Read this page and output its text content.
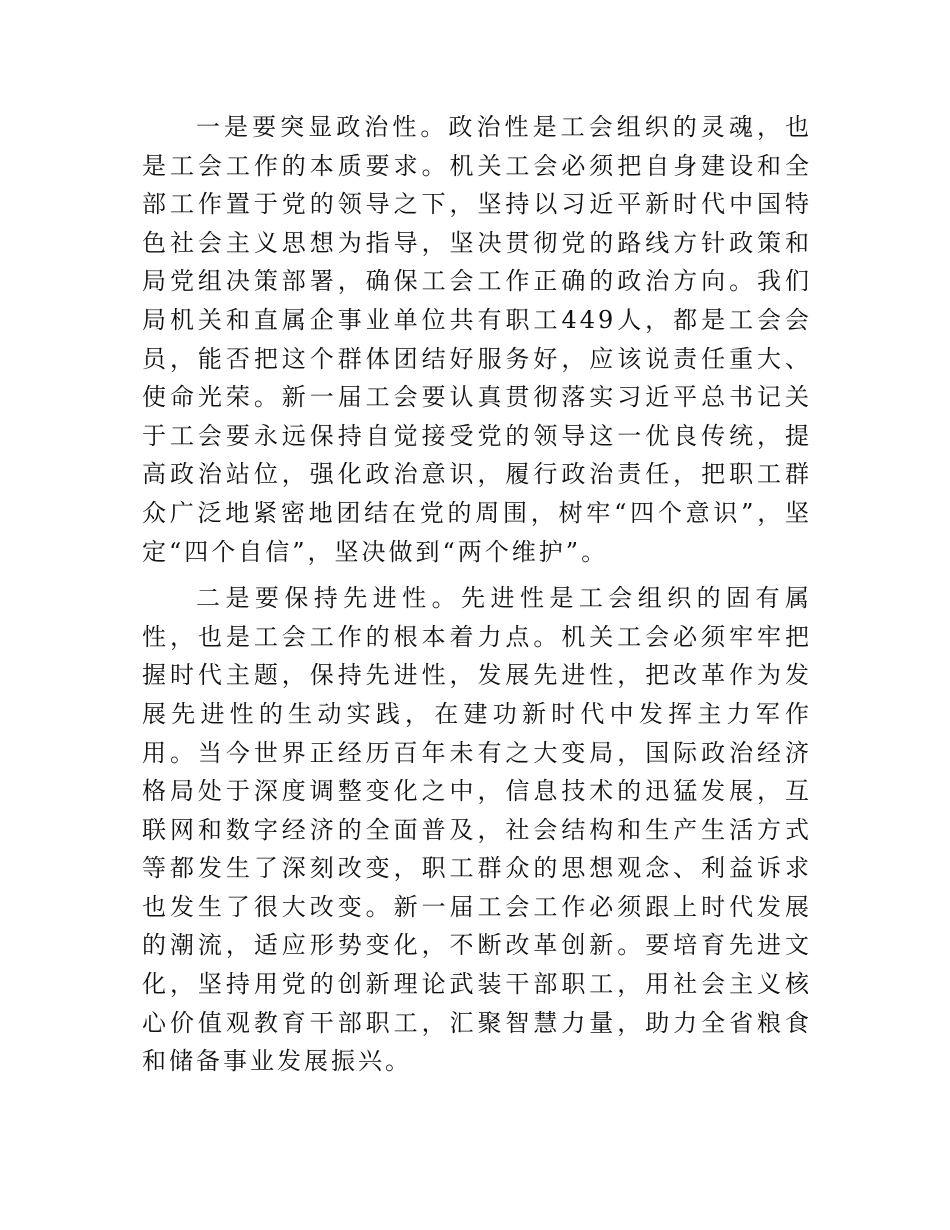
一是要突显政治性。政治性是工会组织的灵魂，也是工会工作的本质要求。机关工会必须把自身建设和全部工作置于党的领导之下，坚持以习近平新时代中国特色社会主义思想为指导，坚决贯彻党的路线方针政策和局党组决策部署，确保工会工作正确的政治方向。我们局机关和直属企事业单位共有职工449人，都是工会会员，能否把这个群体团结好服务好，应该说责任重大、使命光荣。新一届工会要认真贯彻落实习近平总书记关于工会要永远保持自觉接受党的领导这一优良传统，提高政治站位，强化政治意识，履行政治责任，把职工群众广泛地紧密地团结在党的周围，树牢“四个意识”，坚定“四个自信”，坚决做到“两个维护”。

二是要保持先进性。先进性是工会组织的固有属性，也是工会工作的根本着力点。机关工会必须牢牢把握时代主题，保持先进性，发展先进性，把改革作为发展先进性的生动实践，在建功新时代中发挥主力军作用。当今世界正经历百年未有之大变局，国际政治经济格局处于深度调整变化之中，信息技术的迅猛发展，互联网和数字经济的全面普及，社会结构和生产生活方式等都发生了深刻改变，职工群众的思想观念、利益诉求也发生了很大改变。新一届工会工作必须跟上时代发展的潮流，适应形势变化，不断改革创新。要培育先进文化，坚持用党的创新理论武装干部职工，用社会主义核心价值观教育干部职工，汇聚智慧力量，助力全省粮食和储备事业发展振兴。
